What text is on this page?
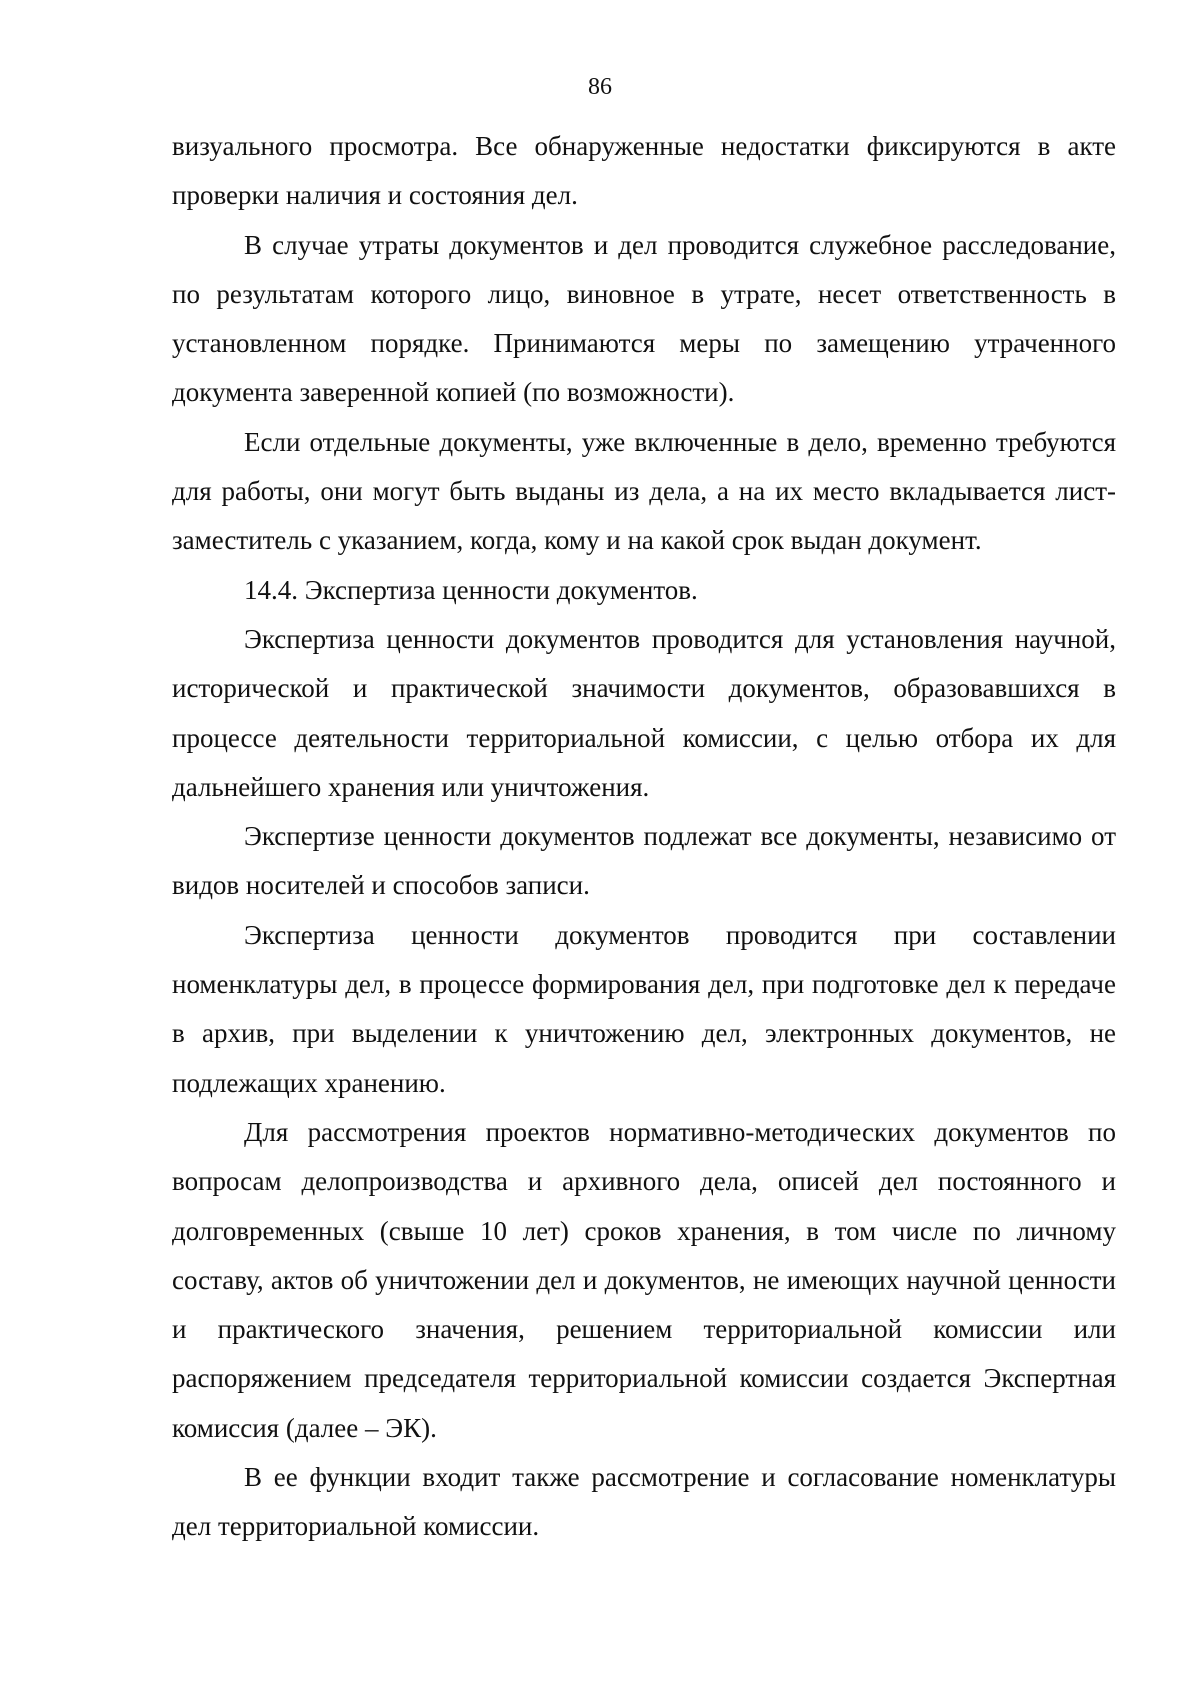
86

визуального просмотра. Все обнаруженные недостатки фиксируются в акте проверки наличия и состояния дел.

В случае утраты документов и дел проводится служебное расследование, по результатам которого лицо, виновное в утрате, несет ответственность в установленном порядке. Принимаются меры по замещению утраченного документа заверенной копией (по возможности).

Если отдельные документы, уже включенные в дело, временно требуются для работы, они могут быть выданы из дела, а на их место вкладывается лист-заместитель с указанием, когда, кому и на какой срок выдан документ.

14.4. Экспертиза ценности документов.

Экспертиза ценности документов проводится для установления научной, исторической и практической значимости документов, образовавшихся в процессе деятельности территориальной комиссии, с целью отбора их для дальнейшего хранения или уничтожения.

Экспертизе ценности документов подлежат все документы, независимо от видов носителей и способов записи.

Экспертиза ценности документов проводится при составлении номенклатуры дел, в процессе формирования дел, при подготовке дел к передаче в архив, при выделении к уничтожению дел, электронных документов, не подлежащих хранению.

Для рассмотрения проектов нормативно-методических документов по вопросам делопроизводства и архивного дела, описей дел постоянного и долговременных (свыше 10 лет) сроков хранения, в том числе по личному составу, актов об уничтожении дел и документов, не имеющих научной ценности и практического значения, решением территориальной комиссии или распоряжением председателя территориальной комиссии создается Экспертная комиссия (далее – ЭК).

В ее функции входит также рассмотрение и согласование номенклатуры дел территориальной комиссии.
